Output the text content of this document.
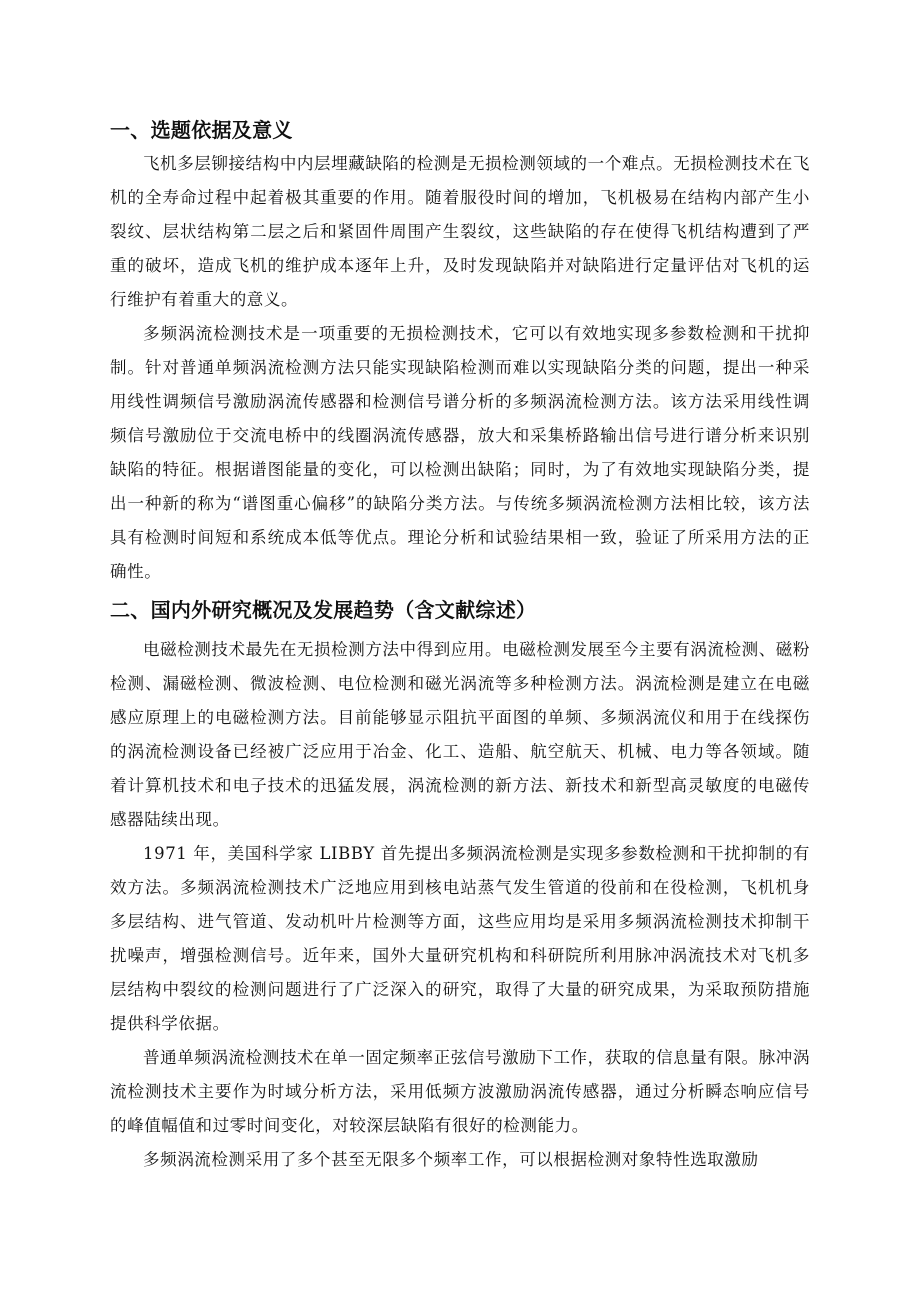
一、选题依据及意义

飞机多层铆接结构中内层埋藏缺陷的检测是无损检测领域的一个难点。无损检测技术在飞机的全寿命过程中起着极其重要的作用。随着服役时间的增加，飞机极易在结构内部产生小裂纹、层状结构第二层之后和紧固件周围产生裂纹，这些缺陷的存在使得飞机结构遭到了严重的破坏，造成飞机的维护成本逐年上升，及时发现缺陷并对缺陷进行定量评估对飞机的运行维护有着重大的意义。

多频涡流检测技术是一项重要的无损检测技术，它可以有效地实现多参数检测和干扰抑制。针对普通单频涡流检测方法只能实现缺陷检测而难以实现缺陷分类的问题，提出一种采用线性调频信号激励涡流传感器和检测信号谱分析的多频涡流检测方法。该方法采用线性调频信号激励位于交流电桥中的线圈涡流传感器，放大和采集桥路输出信号进行谱分析来识别缺陷的特征。根据谱图能量的变化，可以检测出缺陷；同时，为了有效地实现缺陷分类，提出一种新的称为“谱图重心偏移”的缺陷分类方法。与传统多频涡流检测方法相比较，该方法具有检测时间短和系统成本低等优点。理论分析和试验结果相一致，验证了所采用方法的正确性。

二、国内外研究概况及发展趋势（含文献综述）

电磁检测技术最先在无损检测方法中得到应用。电磁检测发展至今主要有涡流检测、磁粉检测、漏磁检测、微波检测、电位检测和磁光涡流等多种检测方法。涡流检测是建立在电磁感应原理上的电磁检测方法。目前能够显示阻抗平面图的单频、多频涡流仪和用于在线探伤的涡流检测设备已经被广泛应用于冶金、化工、造船、航空航天、机械、电力等各领域。随着计算机技术和电子技术的迅猛发展，涡流检测的新方法、新技术和新型高灵敏度的电磁传感器陆续出现。

1971 年，美国科学家 LIBBY 首先提出多频涡流检测是实现多参数检测和干扰抑制的有效方法。多频涡流检测技术广泛地应用到核电站蒸气发生管道的役前和在役检测，飞机机身多层结构、进气管道、发动机叶片检测等方面，这些应用均是采用多频涡流检测技术抑制干扰噪声，增强检测信号。近年来，国外大量研究机构和科研院所利用脉冲涡流技术对飞机多层结构中裂纹的检测问题进行了广泛深入的研究，取得了大量的研究成果，为采取预防措施提供科学依据。

普通单频涡流检测技术在单一固定频率正弦信号激励下工作，获取的信息量有限。脉冲涡流检测技术主要作为时域分析方法，采用低频方波激励涡流传感器，通过分析瞬态响应信号的峰值幅值和过零时间变化，对较深层缺陷有很好的检测能力。

多频涡流检测采用了多个甚至无限多个频率工作，可以根据检测对象特性选取激励
